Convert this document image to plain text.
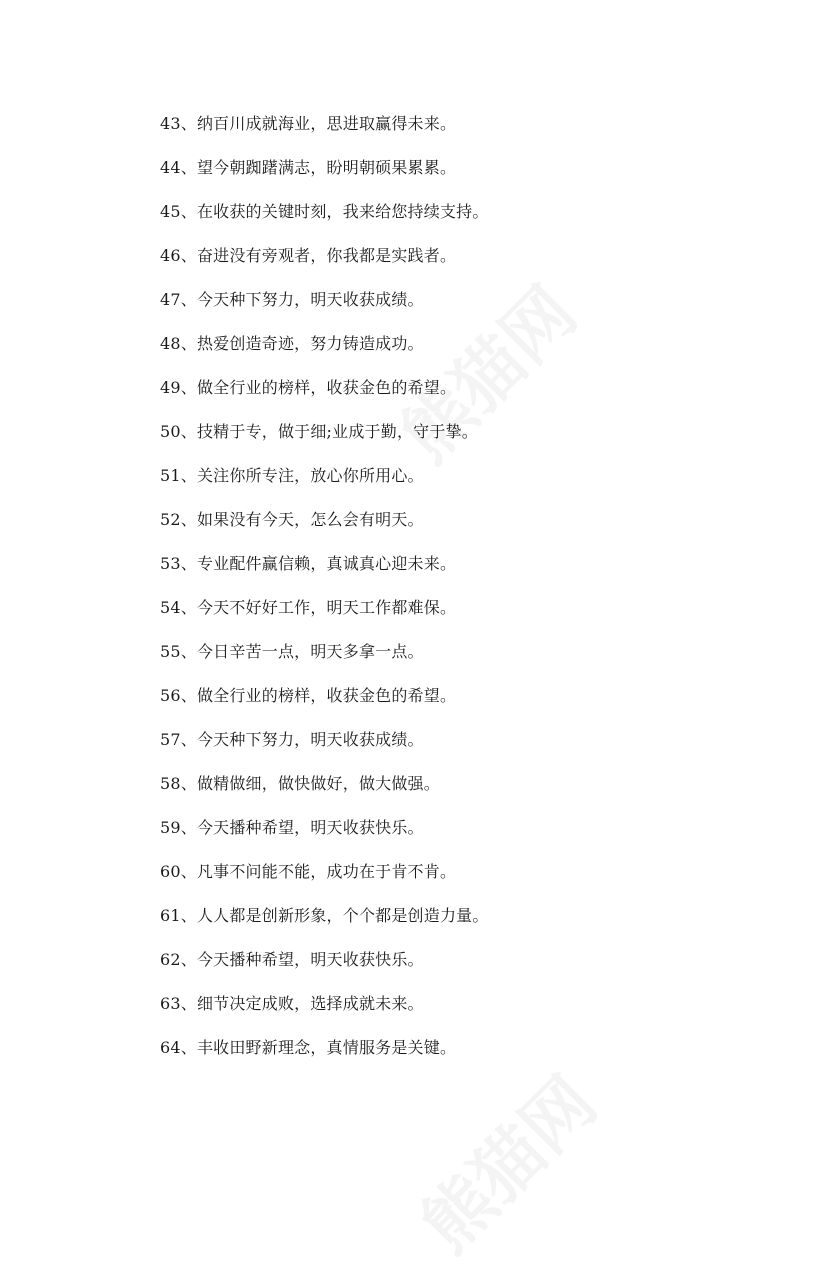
43、纳百川成就海业，思进取赢得未来。
44、望今朝踟躇满志，盼明朝硕果累累。
45、在收获的关键时刻，我来给您持续支持。
46、奋进没有旁观者，你我都是实践者。
47、今天种下努力，明天收获成绩。
48、热爱创造奇迹，努力铸造成功。
49、做全行业的榜样，收获金色的希望。
50、技精于专，做于细;业成于勤，守于挚。
51、关注你所专注，放心你所用心。
52、如果没有今天，怎么会有明天。
53、专业配件赢信赖，真诚真心迎未来。
54、今天不好好工作，明天工作都难保。
55、今日辛苦一点，明天多拿一点。
56、做全行业的榜样，收获金色的希望。
57、今天种下努力，明天收获成绩。
58、做精做细，做快做好，做大做强。
59、今天播种希望，明天收获快乐。
60、凡事不问能不能，成功在于肯不肯。
61、人人都是创新形象，个个都是创造力量。
62、今天播种希望，明天收获快乐。
63、细节决定成败，选择成就未来。
64、丰收田野新理念，真情服务是关键。
